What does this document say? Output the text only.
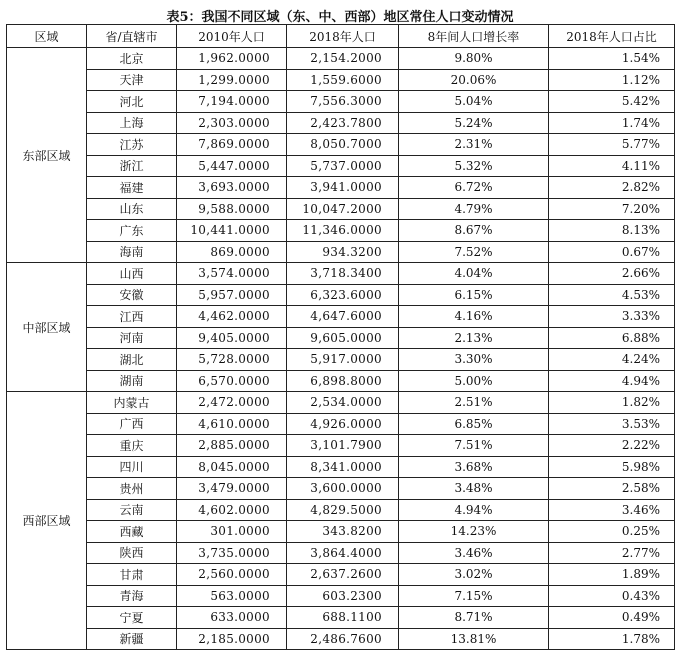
表5：我国不同区域（东、中、西部）地区常住人口变动情况
区域	省/直辖市	2010年人口	2018年人口	8年间人口增长率	2018年人口占比
东部区域	北京	1,962.0000	2,154.2000	9.80%	1.54%
	天津	1,299.0000	1,559.6000	20.06%	1.12%
	河北	7,194.0000	7,556.3000	5.04%	5.42%
	上海	2,303.0000	2,423.7800	5.24%	1.74%
	江苏	7,869.0000	8,050.7000	2.31%	5.77%
	浙江	5,447.0000	5,737.0000	5.32%	4.11%
	福建	3,693.0000	3,941.0000	6.72%	2.82%
	山东	9,588.0000	10,047.2000	4.79%	7.20%
	广东	10,441.0000	11,346.0000	8.67%	8.13%
	海南	869.0000	934.3200	7.52%	0.67%
中部区域	山西	3,574.0000	3,718.3400	4.04%	2.66%
	安徽	5,957.0000	6,323.6000	6.15%	4.53%
	江西	4,462.0000	4,647.6000	4.16%	3.33%
	河南	9,405.0000	9,605.0000	2.13%	6.88%
	湖北	5,728.0000	5,917.0000	3.30%	4.24%
	湖南	6,570.0000	6,898.8000	5.00%	4.94%
西部区域	内蒙古	2,472.0000	2,534.0000	2.51%	1.82%
	广西	4,610.0000	4,926.0000	6.85%	3.53%
	重庆	2,885.0000	3,101.7900	7.51%	2.22%
	四川	8,045.0000	8,341.0000	3.68%	5.98%
	贵州	3,479.0000	3,600.0000	3.48%	2.58%
	云南	4,602.0000	4,829.5000	4.94%	3.46%
	西藏	301.0000	343.8200	14.23%	0.25%
	陕西	3,735.0000	3,864.4000	3.46%	2.77%
	甘肃	2,560.0000	2,637.2600	3.02%	1.89%
	青海	563.0000	603.2300	7.15%	0.43%
	宁夏	633.0000	688.1100	8.71%	0.49%
	新疆	2,185.0000	2,486.7600	13.81%	1.78%
